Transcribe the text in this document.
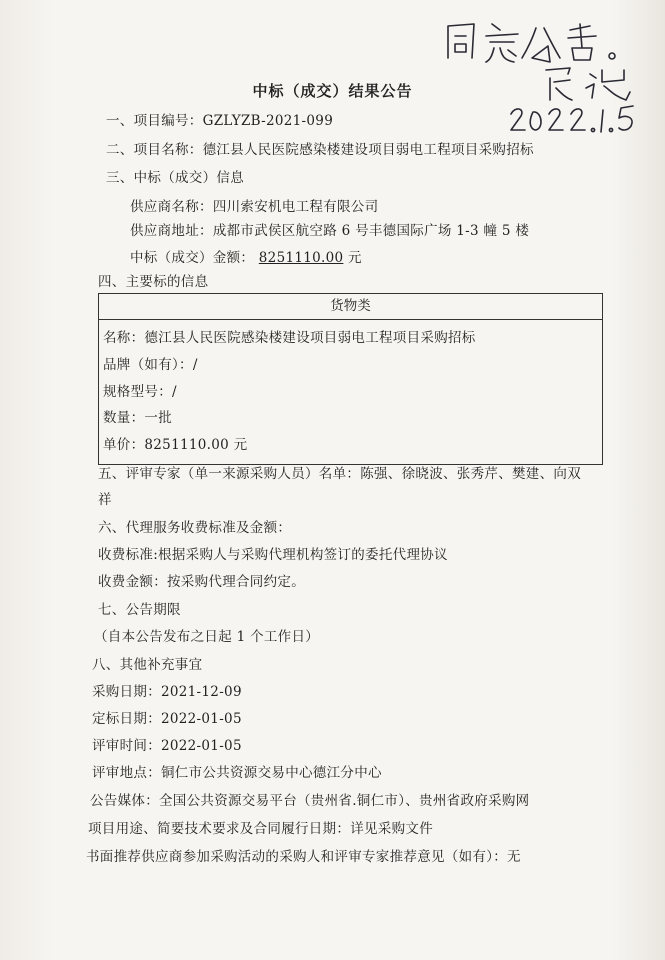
中标（成交）结果公告
一、项目编号：GZLYZB-2021-099
二、项目名称：德江县人民医院感染楼建设项目弱电工程项目采购招标
三、中标（成交）信息
供应商名称：四川索安机电工程有限公司
供应商地址：成都市武侯区航空路 6 号丰德国际广场 1-3 幢 5 楼
中标（成交）金额： 8251110.00 元
四、主要标的信息
货物类
名称：德江县人民医院感染楼建设项目弱电工程项目采购招标
品牌（如有）：/
规格型号：/
数量：一批
单价：8251110.00 元
五、评审专家（单一来源采购人员）名单：陈强、徐晓波、张秀芹、樊建、向双
祥
六、代理服务收费标准及金额：
收费标准:根据采购人与采购代理机构签订的委托代理协议
收费金额：按采购代理合同约定。
七、公告期限
（自本公告发布之日起 1 个工作日）
八、其他补充事宜
采购日期：2021-12-09
定标日期：2022-01-05
评审时间：2022-01-05
评审地点：铜仁市公共资源交易中心德江分中心
公告媒体：全国公共资源交易平台（贵州省.铜仁市）、贵州省政府采购网
项目用途、简要技术要求及合同履行日期：详见采购文件
书面推荐供应商参加采购活动的采购人和评审专家推荐意见（如有）：无
